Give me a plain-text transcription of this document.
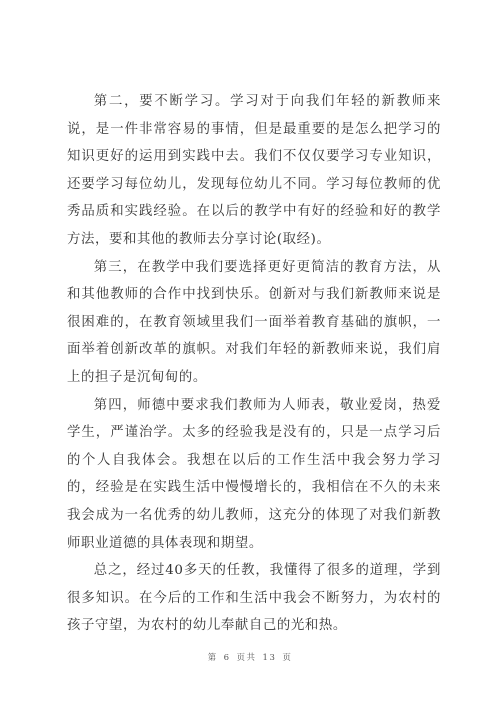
第二，要不断学习。学习对于向我们年轻的新教师来说，是一件非常容易的事情，但是最重要的是怎么把学习的知识更好的运用到实践中去。我们不仅仅要学习专业知识，还要学习每位幼儿，发现每位幼儿不同。学习每位教师的优秀品质和实践经验。在以后的教学中有好的经验和好的教学方法，要和其他的教师去分享讨论(取经)。

第三，在教学中我们要选择更好更简洁的教育方法，从和其他教师的合作中找到快乐。创新对与我们新教师来说是很困难的，在教育领域里我们一面举着教育基础的旗帜，一面举着创新改革的旗帜。对我们年轻的新教师来说，我们肩上的担子是沉甸甸的。

第四，师德中要求我们教师为人师表，敬业爱岗，热爱学生，严谨治学。太多的经验我是没有的，只是一点学习后的个人自我体会。我想在以后的工作生活中我会努力学习的，经验是在实践生活中慢慢增长的，我相信在不久的未来我会成为一名优秀的幼儿教师，这充分的体现了对我们新教师职业道德的具体表现和期望。

总之，经过40多天的任教，我懂得了很多的道理，学到很多知识。在今后的工作和生活中我会不断努力，为农村的孩子守望，为农村的幼儿奉献自己的光和热。

第 6 页共 13 页
